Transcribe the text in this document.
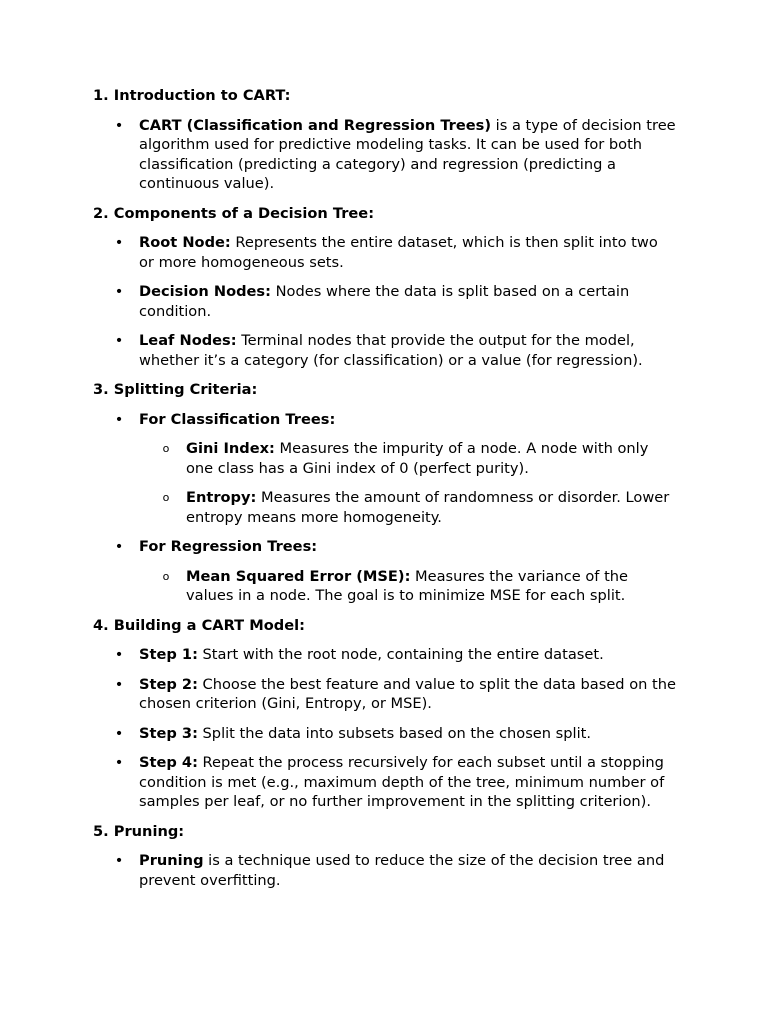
1. Introduction to CART:
• CART (Classification and Regression Trees) is a type of decision tree algorithm used for predictive modeling tasks. It can be used for both classification (predicting a category) and regression (predicting a continuous value).
2. Components of a Decision Tree:
• Root Node: Represents the entire dataset, which is then split into two or more homogeneous sets.
• Decision Nodes: Nodes where the data is split based on a certain condition.
• Leaf Nodes: Terminal nodes that provide the output for the model, whether it’s a category (for classification) or a value (for regression).
3. Splitting Criteria:
• For Classification Trees:
o Gini Index: Measures the impurity of a node. A node with only one class has a Gini index of 0 (perfect purity).
o Entropy: Measures the amount of randomness or disorder. Lower entropy means more homogeneity.
• For Regression Trees:
o Mean Squared Error (MSE): Measures the variance of the values in a node. The goal is to minimize MSE for each split.
4. Building a CART Model:
• Step 1: Start with the root node, containing the entire dataset.
• Step 2: Choose the best feature and value to split the data based on the chosen criterion (Gini, Entropy, or MSE).
• Step 3: Split the data into subsets based on the chosen split.
• Step 4: Repeat the process recursively for each subset until a stopping condition is met (e.g., maximum depth of the tree, minimum number of samples per leaf, or no further improvement in the splitting criterion).
5. Pruning:
• Pruning is a technique used to reduce the size of the decision tree and prevent overfitting.
